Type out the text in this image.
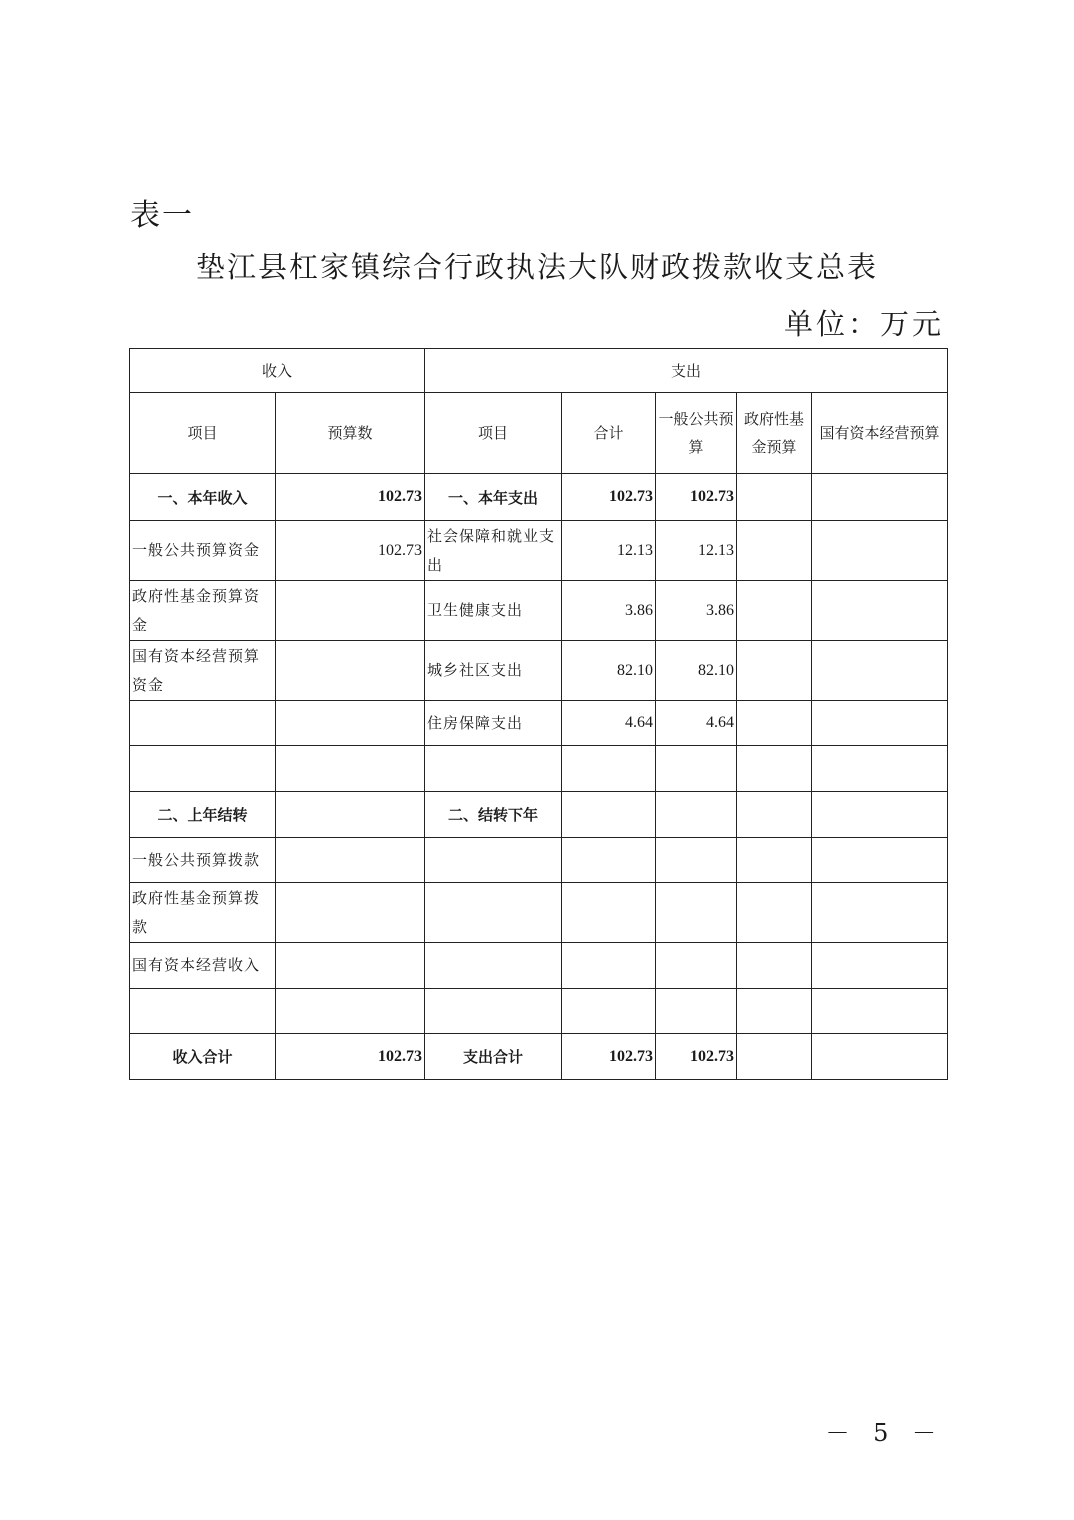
表一
垫江县杠家镇综合行政执法大队财政拨款收支总表
单位：万元
收入		支出				
项目	预算数	项目	合计	一般公共预算	政府性基金预算	国有资本经营预算
一、本年收入	102.73	一、本年支出	102.73	102.73		
一般公共预算资金	102.73	社会保障和就业支出	12.13	12.13		
政府性基金预算资金		卫生健康支出	3.86	3.86		
国有资本经营预算资金		城乡社区支出	82.10	82.10		
		住房保障支出	4.64	4.64		

二、上年结转		二、结转下年				
一般公共预算拨款						
政府性基金预算拨款						
国有资本经营收入						

收入合计	102.73	支出合计	102.73	102.73		
－ 5 －
